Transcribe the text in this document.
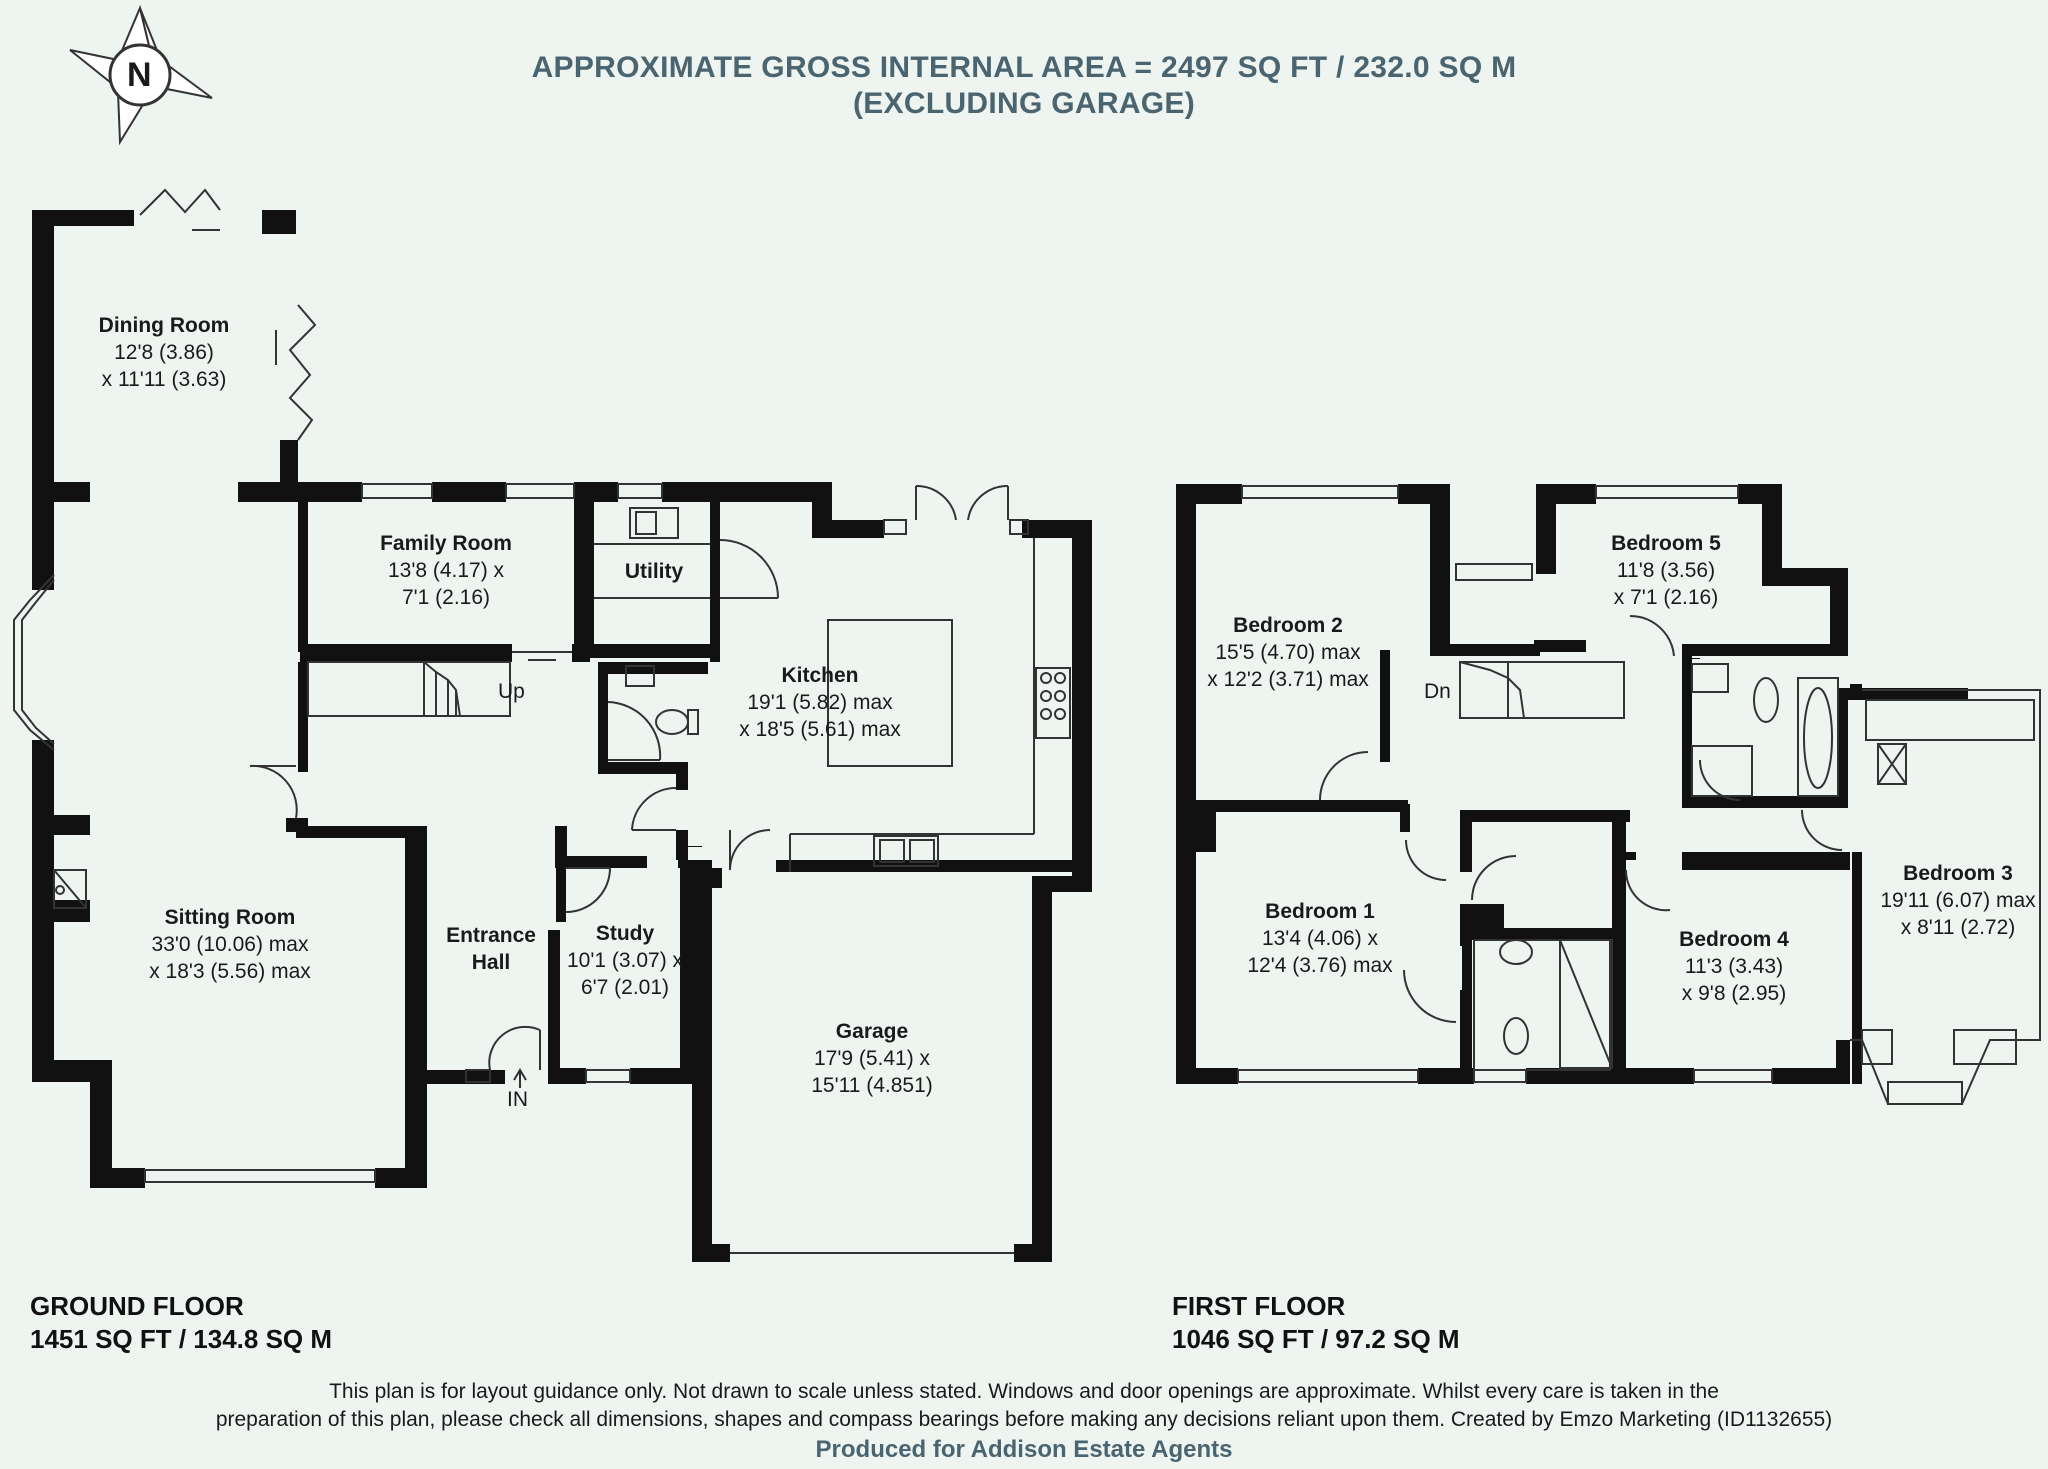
APPROXIMATE GROSS INTERNAL AREA = 2497 SQ FT / 232.0 SQ M
(EXCLUDING GARAGE)
Dining Room
12'8 (3.86)
x 11'11 (3.63)
Family Room
13'8 (4.17) x
7'1 (2.16)
Utility
Kitchen
19'1 (5.82) max
x 18'5 (5.61) max
Sitting Room
33'0 (10.06) max
x 18'3 (5.56) max
Entrance
Hall
Study
10'1 (3.07) x
6'7 (2.01)
Garage
17'9 (5.41) x
15'11 (4.851)
Up
IN
Bedroom 2
15'5 (4.70) max
x 12'2 (3.71) max
Bedroom 5
11'8 (3.56)
x 7'1 (2.16)
Bedroom 1
13'4 (4.06) x
12'4 (3.76) max
Bedroom 4
11'3 (3.43)
x 9'8 (2.95)
Bedroom 3
19'11 (6.07) max
x 8'11 (2.72)
Dn
N
GROUND FLOOR
1451 SQ FT / 134.8 SQ M
FIRST FLOOR
1046 SQ FT / 97.2 SQ M
This plan is for layout guidance only. Not drawn to scale unless stated. Windows and door openings are approximate. Whilst every care is taken in the
preparation of this plan, please check all dimensions, shapes and compass bearings before making any decisions reliant upon them. Created by Emzo Marketing (ID1132655)
Produced for Addison Estate Agents
